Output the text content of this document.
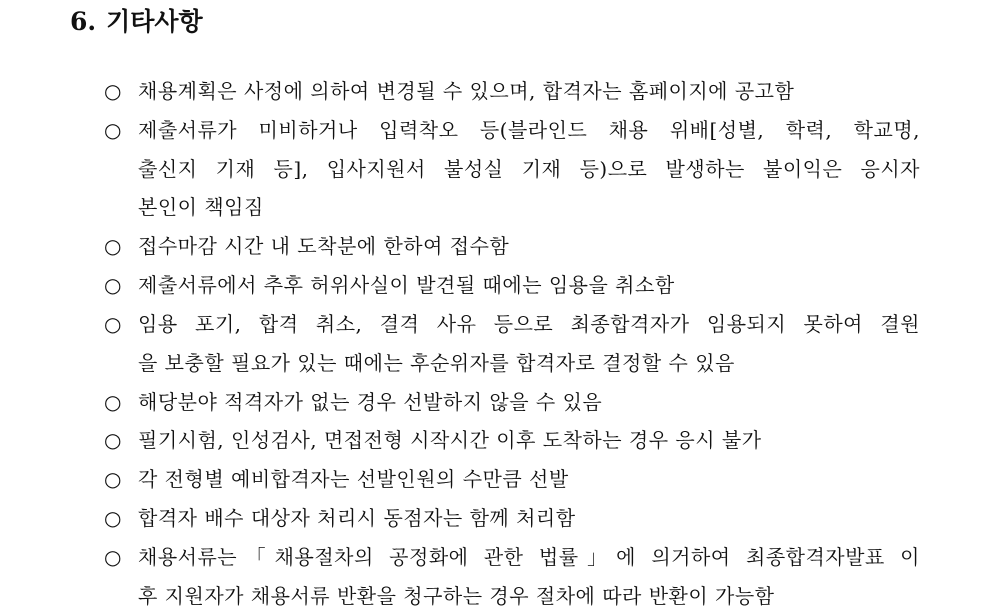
6. 기타사항
○ 채용계획은 사정에 의하여 변경될 수 있으며, 합격자는 홈페이지에 공고함
○ 제출서류가 미비하거나 입력착오 등(블라인드 채용 위배[성별, 학력, 학교명,
출신지 기재 등], 입사지원서 불성실 기재 등)으로 발생하는 불이익은 응시자
본인이 책임짐
○ 접수마감 시간 내 도착분에 한하여 접수함
○ 제출서류에서 추후 허위사실이 발견될 때에는 임용을 취소함
○ 임용 포기, 합격 취소, 결격 사유 등으로 최종합격자가 임용되지 못하여 결원
을 보충할 필요가 있는 때에는 후순위자를 합격자로 결정할 수 있음
○ 해당분야 적격자가 없는 경우 선발하지 않을 수 있음
○ 필기시험, 인성검사, 면접전형 시작시간 이후 도착하는 경우 응시 불가
○ 각 전형별 예비합격자는 선발인원의 수만큼 선발
○ 합격자 배수 대상자 처리시 동점자는 함께 처리함
○ 채용서류는「채용절차의 공정화에 관한 법률」에 의거하여 최종합격자발표 이
후 지원자가 채용서류 반환을 청구하는 경우 절차에 따라 반환이 가능함
